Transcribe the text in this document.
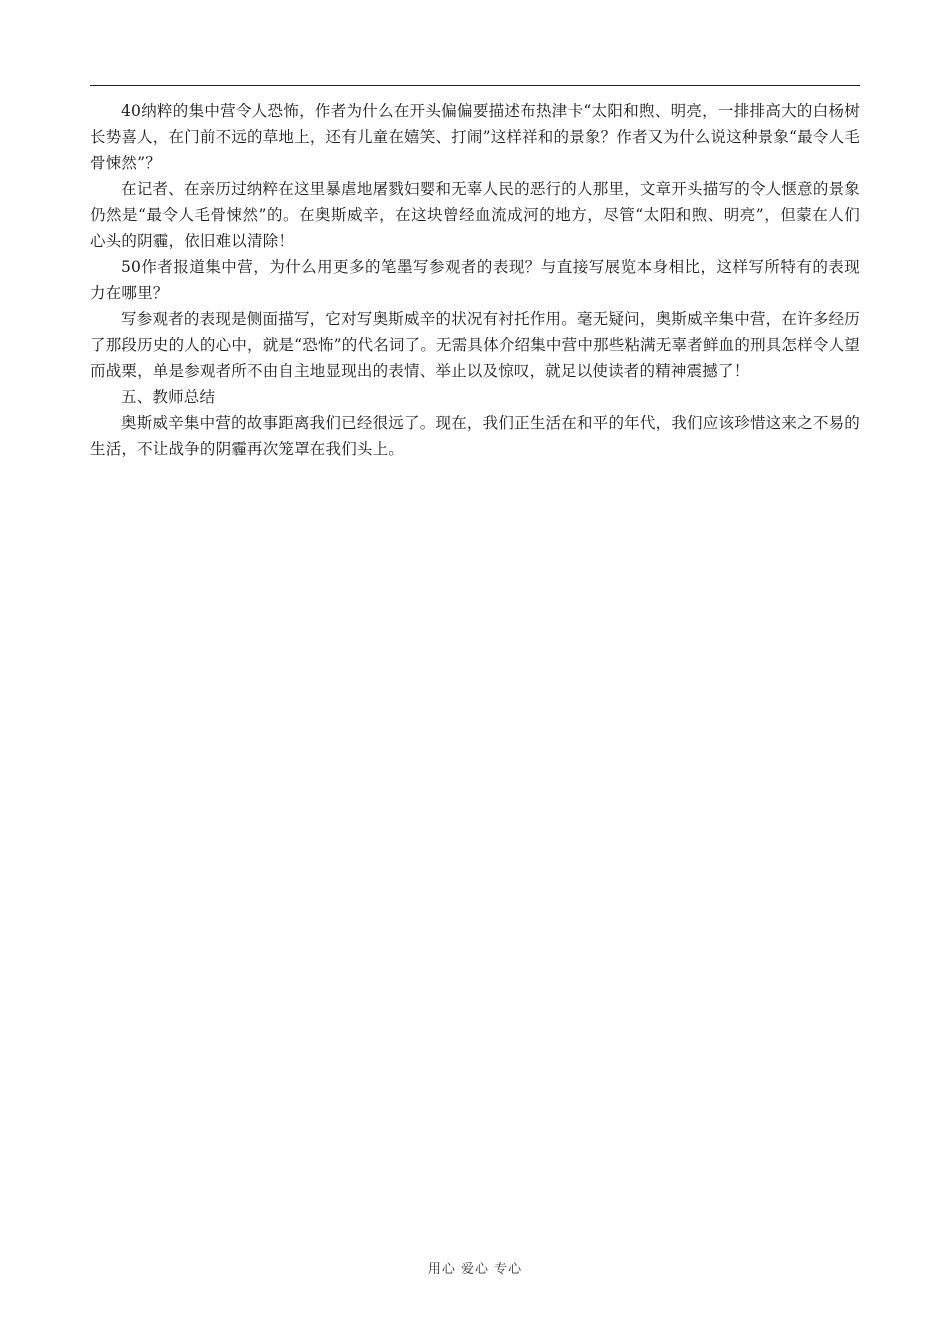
40纳粹的集中营令人恐怖，作者为什么在开头偏偏要描述布热津卡“太阳和煦、明亮，一排排高大的白杨树长势喜人，在门前不远的草地上，还有儿童在嬉笑、打闹”这样祥和的景象？作者又为什么说这种景象“最令人毛骨悚然”？

在记者、在亲历过纳粹在这里暴虐地屠戮妇婴和无辜人民的恶行的人那里，文章开头描写的令人惬意的景象仍然是“最令人毛骨悚然”的。在奥斯威辛，在这块曾经血流成河的地方，尽管“太阳和煦、明亮”，但蒙在人们心头的阴霾，依旧难以清除！

50作者报道集中营，为什么用更多的笔墨写参观者的表现？与直接写展览本身相比，这样写所特有的表现力在哪里？

写参观者的表现是侧面描写，它对写奥斯威辛的状况有衬托作用。毫无疑问，奥斯威辛集中营，在许多经历了那段历史的人的心中，就是“恐怖”的代名词了。无需具体介绍集中营中那些粘满无辜者鲜血的刑具怎样令人望而战栗，单是参观者所不由自主地显现出的表情、举止以及惊叹，就足以使读者的精神震撼了！

五、教师总结

奥斯威辛集中营的故事距离我们已经很远了。现在，我们正生活在和平的年代，我们应该珍惜这来之不易的生活，不让战争的阴霾再次笼罩在我们头上。

用心 爱心 专心
